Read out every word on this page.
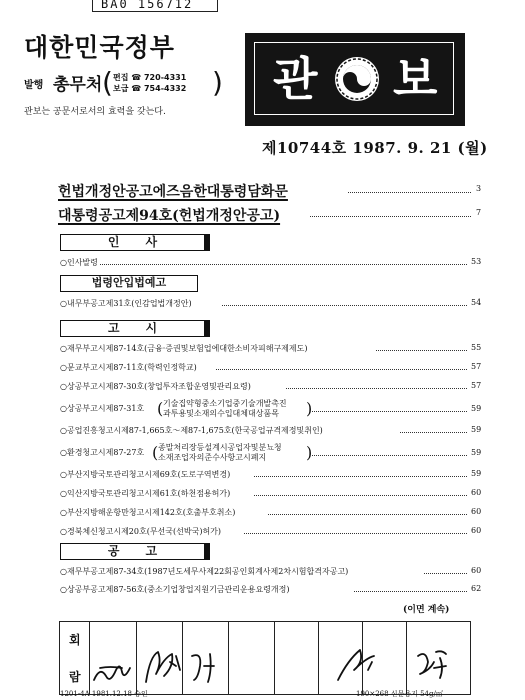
BA0 156712
대한민국정부
발행 총무처 ( 편집 ☎ 720-4331
보급 ☎ 754-4332 )
관보는 공문서로서의 효력을 갖는다.
관 보
제10744호 1987. 9. 21 (월)
헌법개정안공고에즈음한대통령담화문	3
대통령공고제94호(헌법개정안공고)	7
인사
○인사발령	53
법령안입법예고
○내무부공고제31호(인감업법개정안)	54
고시
○재무부고시제87-14호(금융·증권및보험업에대한소비자피해구제제도)	55
○문교부고시제87-11호(학력인정학교)	57
○상공부고시제87-30호(창업투자조합운영및관리요령)	57
○상공부고시제87-31호 ( 기술집약형중소기업중기술개발촉진
과투용및소재의수입대체대상품목 )	59
○공업진흥청고시제87-1,665호～제87-1,675호(한국공업규격제정및취인)	59
○환경청고시제87-27호 ( 종말처리장등설계시공업자및분뇨청
소재조업자의준수사항고시폐지 )	59
○부산지방국토관리청고시제69호(도로구역변경)	59
○익산지방국토관리청고시제61호(하천점용허가)	60
○부산지방해운항만청고시제142호(호출부호취소)	60
○경북체신청고시제20호(무선국(선박국)허가)	60
공고
○재무부공고제87-34호(1987년도세무사제22회공인회계사제2차시험합격자공고)	60
○상공부공고제87-56호(중소기업창업지원기금관리운용요령개정)	62
(이면 계속)
회
람
1201-4A 1981.12.18 승인	190×268 신문용지 54g/㎡
